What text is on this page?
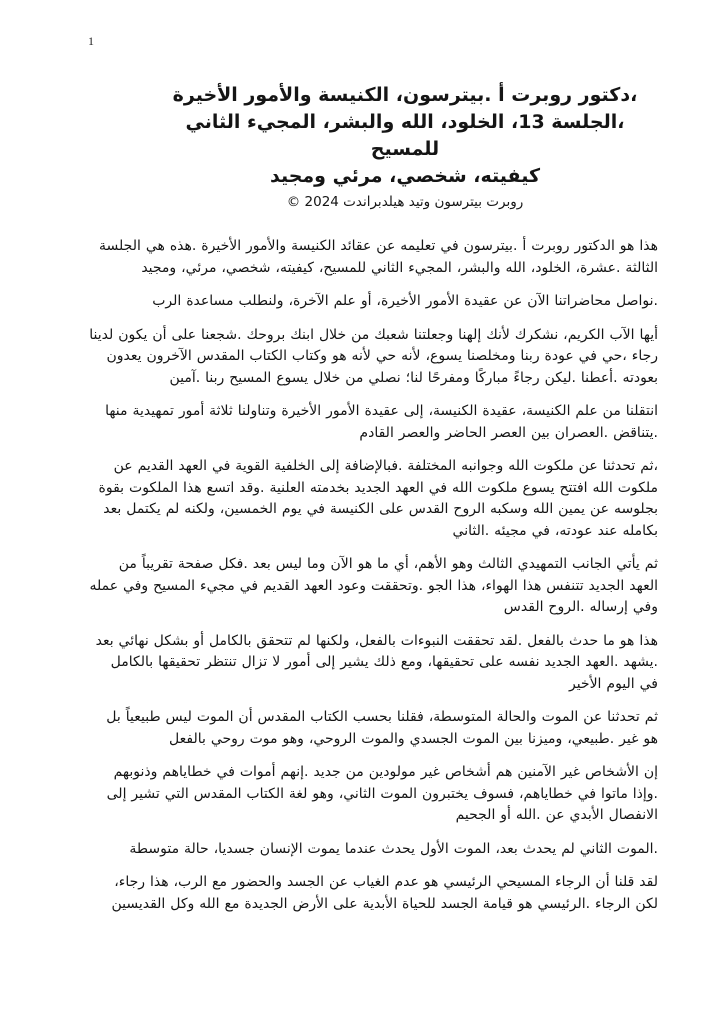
1
،دكتور روبرت أ .بيترسون، الكنيسة والأمور الأخيرة
،الجلسة 13، الخلود، الله والبشر، المجيء الثاني للمسيح
كيفيته، شخصي، مرئي ومجيد
روبرت بيترسون وتيد هيلدبراندت 2024 ©

هذا هو الدكتور روبرت أ .بيترسون في تعليمه عن عقائد الكنيسة والأمور الأخيرة .هذه هي الجلسة الثالثة .عشرة، الخلود، الله والبشر، المجيء الثاني للمسيح، كيفيته، شخصي، مرئي، ومجيد

.نواصل محاضراتنا الآن عن عقيدة الأمور الأخيرة، أو علم الآخرة، ولنطلب مساعدة الرب

أيها الآب الكريم، نشكرك لأنك إلهنا وجعلتنا شعبك من خلال ابنك بروحك .شجعنا على أن يكون لدينا رجاء ،حي في عودة ربنا ومخلصنا يسوع، لأنه حي لأنه هو وكتاب الكتاب المقدس الآخرون يعدون بعودته .أعطنا .ليكن رجاءً مباركًا ومفرحًا لنا؛ نصلي من خلال يسوع المسيح ربنا .آمين

انتقلنا من علم الكنيسة، عقيدة الكنيسة، إلى عقيدة الأمور الأخيرة وتناولنا ثلاثة أمور تمهيدية منها .يتناقض .العصران بين العصر الحاضر والعصر القادم

،ثم تحدثنا عن ملكوت الله وجوانبه المختلفة .فبالإضافة إلى الخلفية القوية في العهد القديم عن ملكوت الله افتتح يسوع ملكوت الله في العهد الجديد بخدمته العلنية .وقد اتسع هذا الملكوت بقوة بجلوسه عن يمين الله وسكبه الروح القدس على الكنيسة في يوم الخمسين، ولكنه لم يكتمل بعد بكامله عند عودته، في مجيئه .الثاني

ثم يأتي الجانب التمهيدي الثالث وهو الأهم، أي ما هو الآن وما ليس بعد .فكل صفحة تقريباً من العهد الجديد تتنفس هذا الهواء، هذا الجو .وتحققت وعود العهد القديم في مجيء المسيح وفي عمله وفي إرساله .الروح القدس

هذا هو ما حدث بالفعل .لقد تحققت النبوءات بالفعل، ولكنها لم تتحقق بالكامل أو بشكل نهائي بعد .يشهد .العهد الجديد نفسه على تحقيقها، ومع ذلك يشير إلى أمور لا تزال تنتظر تحقيقها بالكامل في اليوم الأخير

ثم تحدثنا عن الموت والحالة المتوسطة، فقلنا بحسب الكتاب المقدس أن الموت ليس طبيعياً بل هو غير .طبيعي، وميزنا بين الموت الجسدي والموت الروحي، وهو موت روحي بالفعل

إن الأشخاص غير الآمنين هم أشخاص غير مولودين من جديد .إنهم أموات في خطاياهم وذنوبهم .وإذا ماتوا في خطاياهم، فسوف يختبرون الموت الثاني، وهو لغة الكتاب المقدس التي تشير إلى الانفصال الأبدي عن .الله أو الجحيم

.الموت الثاني لم يحدث بعد، الموت الأول يحدث عندما يموت الإنسان جسديا، حالة متوسطة

لقد قلنا أن الرجاء المسيحي الرئيسي هو عدم الغياب عن الجسد والحضور مع الرب، هذا رجاء، لكن الرجاء .الرئيسي هو قيامة الجسد للحياة الأبدية على الأرض الجديدة مع الله وكل القديسين
